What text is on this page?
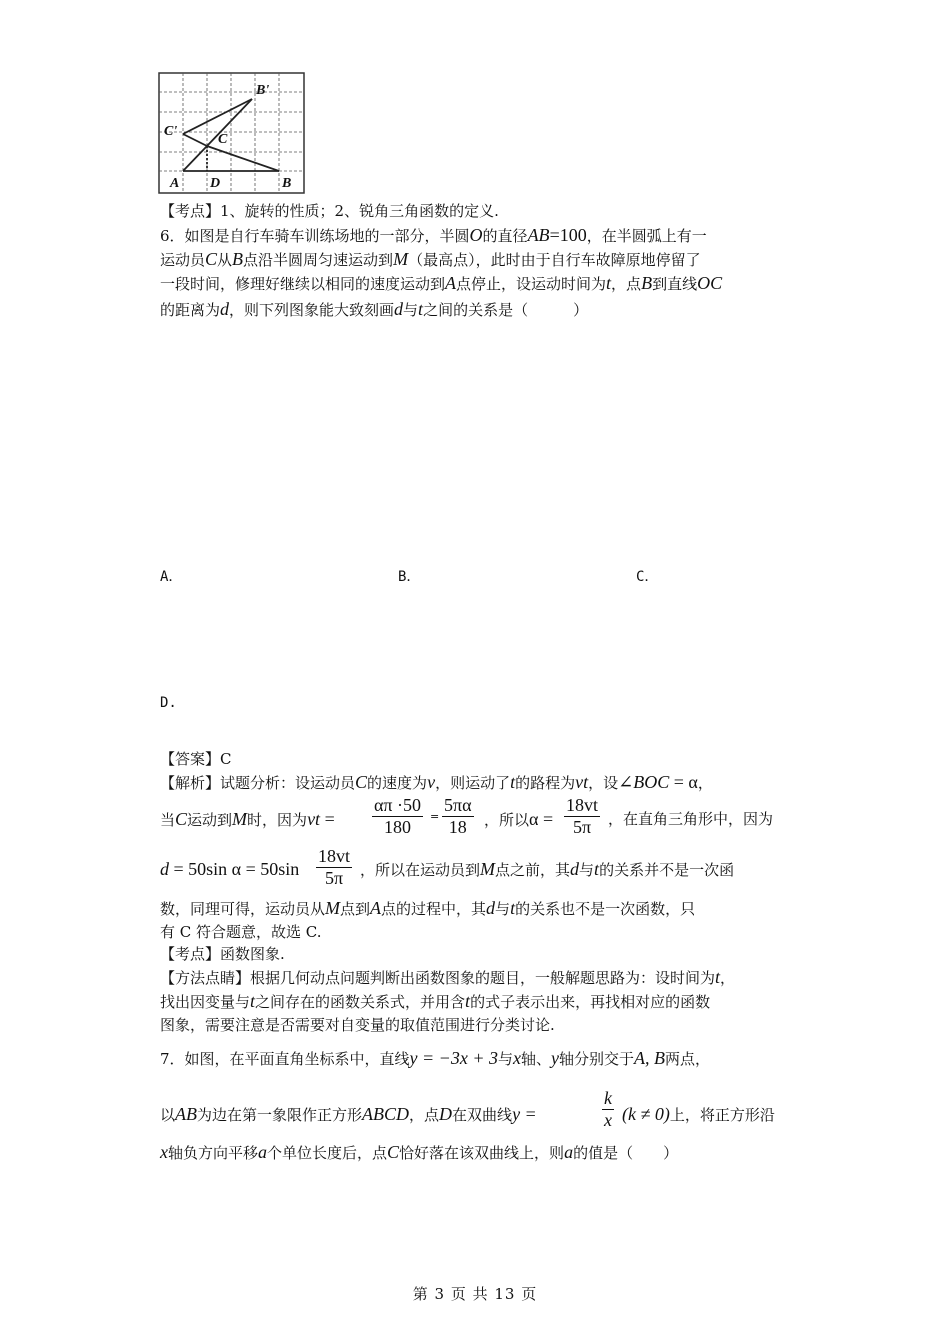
A D	B
C
C'
B'
【考点】1、旋转的性质；2、锐角三角函数的定义.
6．如图是自行车骑车训练场地的一部分，半圆O的直径AB=100，在半圆弧上有一
运动员C从B点沿半圆周匀速运动到M（最高点），此时由于自行车故障原地停留了
一段时间，修理好继续以相同的速度运动到A点停止，设运动时间为t，点B到直线OC
的距离为d，则下列图象能大致刻画d与t之间的关系是（　　　）
A．	B．	C．
D.
【答案】C
【解析】试题分析：设运动员C的速度为v，则运动了t的路程为vt，设∠BOC = α，
当C运动到M时，因为vt = $\frac{\alpha\pi \cdot 50}{180} = \frac{5\pi\alpha}{18}$ ，所以$\alpha = \frac{18vt}{5\pi}$ ，在直角三角形中，因为
d = 50sin $\alpha = 50\sin \frac{18vt}{5\pi}$ ，所以在运动员到M点之前，其d与t的关系并不是一次函
数，同理可得，运动员从M点到A点的过程中，其d与t的关系也不是一次函数，只
有 C 符合题意，故选 C.
【考点】函数图象.
【方法点睛】根据几何动点问题判断出函数图象的题目，一般解题思路为：设时间为t，
找出因变量与t之间存在的函数关系式，并用含t的式子表示出来，再找相对应的函数
图象，需要注意是否需要对自变量的取值范围进行分类讨论.
7．如图，在平面直角坐标系中，直线y = −3x + 3与x轴、y轴分别交于A, B两点，
以AB为边在第一象限作正方形ABCD，点D在双曲线y =	$\frac{k}{x} (k \ne 0)$上，将正方形沿
x轴负方向平移a个单位长度后，点C恰好落在该双曲线上，则a的值是（　　）
第 3 页 共 13 页
